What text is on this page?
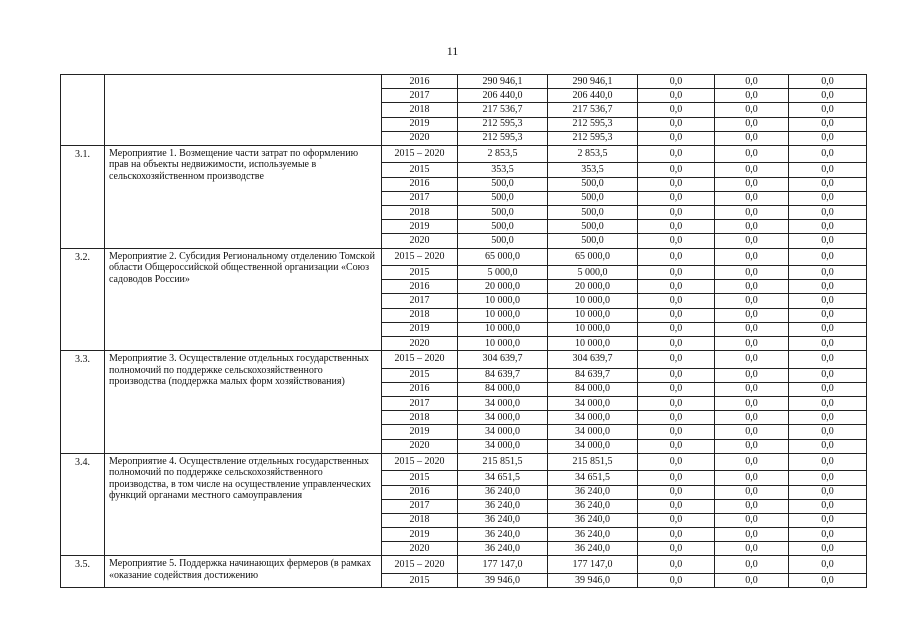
11
		2016	290 946,1	290 946,1	0,0	0,0	0,0
		2017	206 440,0	206 440,0	0,0	0,0	0,0
		2018	217 536,7	217 536,7	0,0	0,0	0,0
		2019	212 595,3	212 595,3	0,0	0,0	0,0
		2020	212 595,3	212 595,3	0,0	0,0	0,0
3.1.	Мероприятие 1. Возмещение части затрат по оформлению прав на объекты недвижимости, используемые в сельскохозяйственном производстве	2015 – 2020	2 853,5	2 853,5	0,0	0,0	0,0
		2015	353,5	353,5	0,0	0,0	0,0
		2016	500,0	500,0	0,0	0,0	0,0
		2017	500,0	500,0	0,0	0,0	0,0
		2018	500,0	500,0	0,0	0,0	0,0
		2019	500,0	500,0	0,0	0,0	0,0
		2020	500,0	500,0	0,0	0,0	0,0
3.2.	Мероприятие 2. Субсидия Региональному отделению Томской области Общероссийской общественной организации «Союз садоводов России»	2015 – 2020	65 000,0	65 000,0	0,0	0,0	0,0
		2015	5 000,0	5 000,0	0,0	0,0	0,0
		2016	20 000,0	20 000,0	0,0	0,0	0,0
		2017	10 000,0	10 000,0	0,0	0,0	0,0
		2018	10 000,0	10 000,0	0,0	0,0	0,0
		2019	10 000,0	10 000,0	0,0	0,0	0,0
		2020	10 000,0	10 000,0	0,0	0,0	0,0
3.3.	Мероприятие 3. Осуществление отдельных государственных полномочий по поддержке сельскохозяйственного производства (поддержка малых форм хозяйствования)	2015 – 2020	304 639,7	304 639,7	0,0	0,0	0,0
		2015	84 639,7	84 639,7	0,0	0,0	0,0
		2016	84 000,0	84 000,0	0,0	0,0	0,0
		2017	34 000,0	34 000,0	0,0	0,0	0,0
		2018	34 000,0	34 000,0	0,0	0,0	0,0
		2019	34 000,0	34 000,0	0,0	0,0	0,0
		2020	34 000,0	34 000,0	0,0	0,0	0,0
3.4.	Мероприятие 4. Осуществление отдельных государственных полномочий по поддержке сельскохозяйственного производства, в том числе на осуществление управленческих функций органами местного самоуправления	2015 – 2020	215 851,5	215 851,5	0,0	0,0	0,0
		2015	34 651,5	34 651,5	0,0	0,0	0,0
		2016	36 240,0	36 240,0	0,0	0,0	0,0
		2017	36 240,0	36 240,0	0,0	0,0	0,0
		2018	36 240,0	36 240,0	0,0	0,0	0,0
		2019	36 240,0	36 240,0	0,0	0,0	0,0
		2020	36 240,0	36 240,0	0,0	0,0	0,0
3.5.	Мероприятие 5. Поддержка начинающих фермеров (в рамках «оказание содействия достижению	2015 – 2020	177 147,0	177 147,0	0,0	0,0	0,0
		2015	39 946,0	39 946,0	0,0	0,0	0,0
